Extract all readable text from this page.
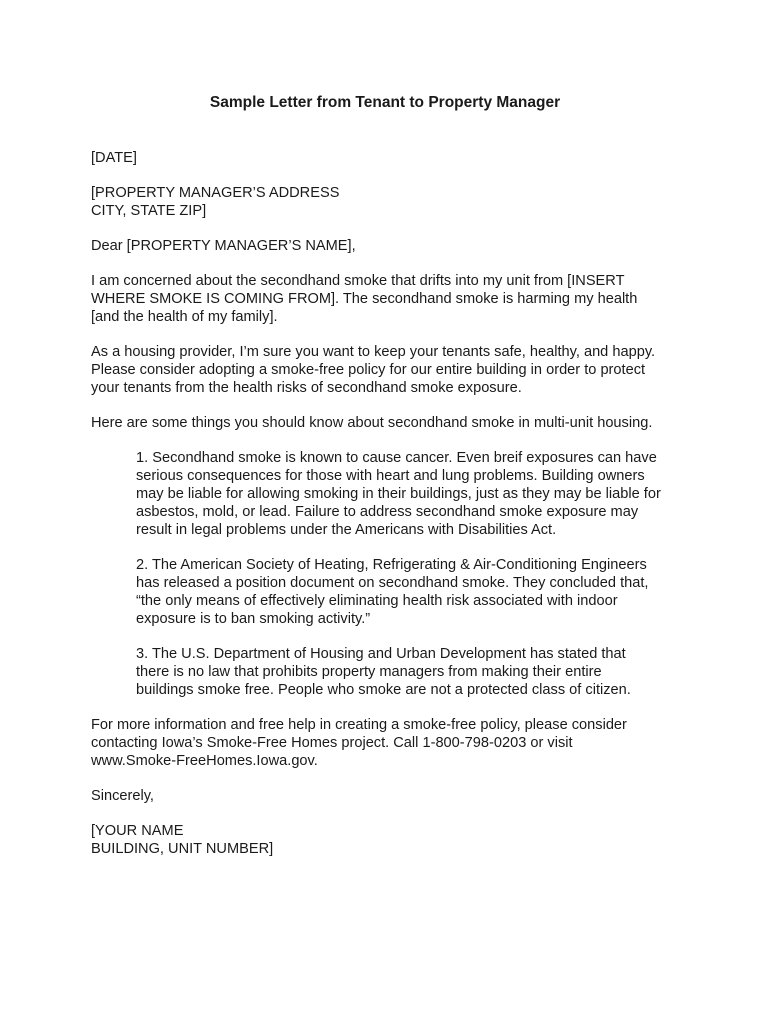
Sample Letter from Tenant to Property Manager

[DATE]

[PROPERTY MANAGER’S ADDRESS
CITY, STATE ZIP]

Dear [PROPERTY MANAGER’S NAME],

I am concerned about the secondhand smoke that drifts into my unit from [INSERT
WHERE SMOKE IS COMING FROM]. The secondhand smoke is harming my health
[and the health of my family].

As a housing provider, I’m sure you want to keep your tenants safe, healthy, and happy.
Please consider adopting a smoke-free policy for our entire building in order to protect
your tenants from the health risks of secondhand smoke exposure.

Here are some things you should know about secondhand smoke in multi-unit housing.

1. Secondhand smoke is known to cause cancer. Even breif exposures can have
serious consequences for those with heart and lung problems. Building owners
may be liable for allowing smoking in their buildings, just as they may be liable for
asbestos, mold, or lead. Failure to address secondhand smoke exposure may
result in legal problems under the Americans with Disabilities Act.
2. The American Society of Heating, Refrigerating & Air-Conditioning Engineers
has released a position document on secondhand smoke. They concluded that,
“the only means of effectively eliminating health risk associated with indoor
exposure is to ban smoking activity.”
3. The U.S. Department of Housing and Urban Development has stated that
there is no law that prohibits property managers from making their entire
buildings smoke free. People who smoke are not a protected class of citizen.

For more information and free help in creating a smoke-free policy, please consider
contacting Iowa’s Smoke-Free Homes project. Call 1-800-798-0203 or visit
www.Smoke-FreeHomes.Iowa.gov.

Sincerely,

[YOUR NAME
BUILDING, UNIT NUMBER]
